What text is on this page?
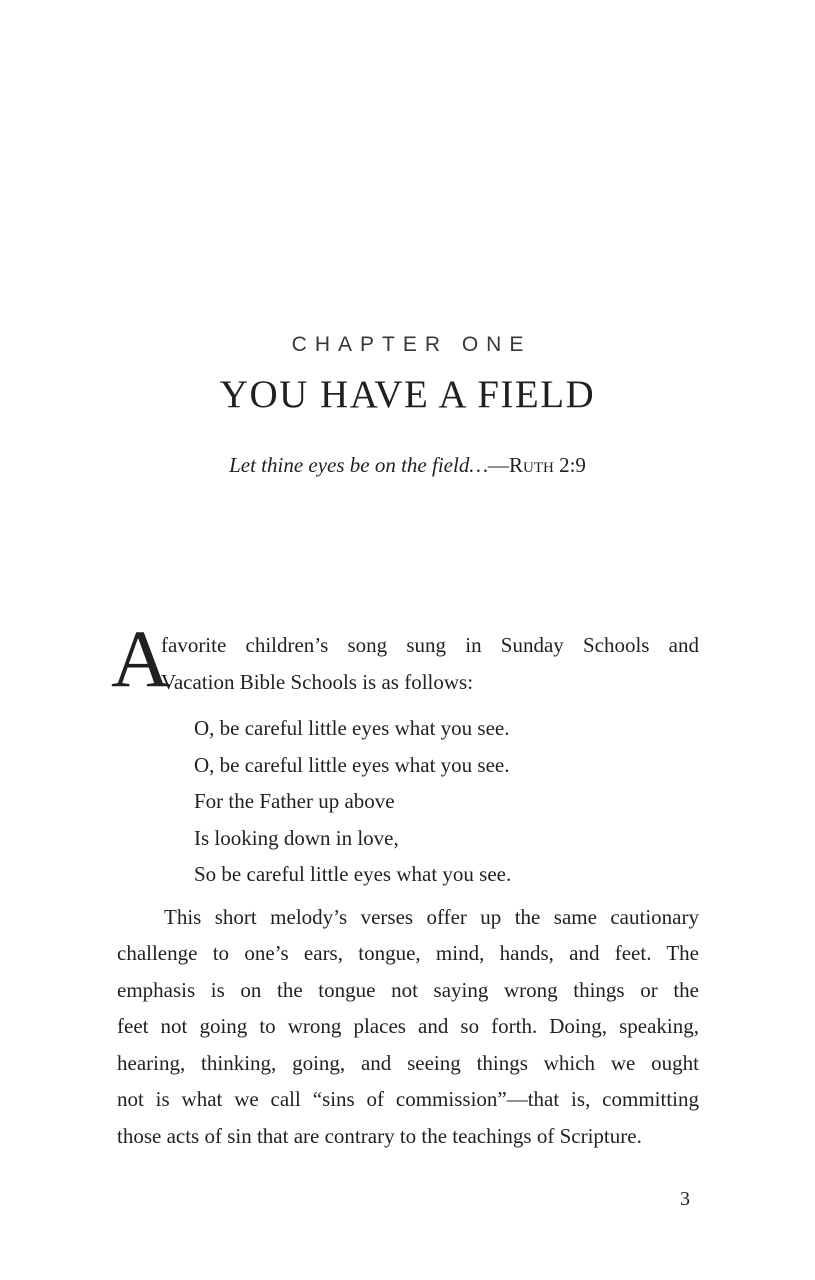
CHAPTER ONE
YOU HAVE A FIELD
Let thine eyes be on the field…—Ruth 2:9
A
favorite children’s song sung in Sunday Schools and
Vacation Bible Schools is as follows:
O, be careful little eyes what you see.
O, be careful little eyes what you see.
For the Father up above
Is looking down in love,
So be careful little eyes what you see.
This short melody’s verses offer up the same cautionary
challenge to one’s ears, tongue, mind, hands, and feet. The
emphasis is on the tongue not saying wrong things or the
feet not going to wrong places and so forth. Doing, speaking,
hearing, thinking, going, and seeing things which we ought
not is what we call “sins of commission”—that is, committing
those acts of sin that are contrary to the teachings of Scripture.
3
